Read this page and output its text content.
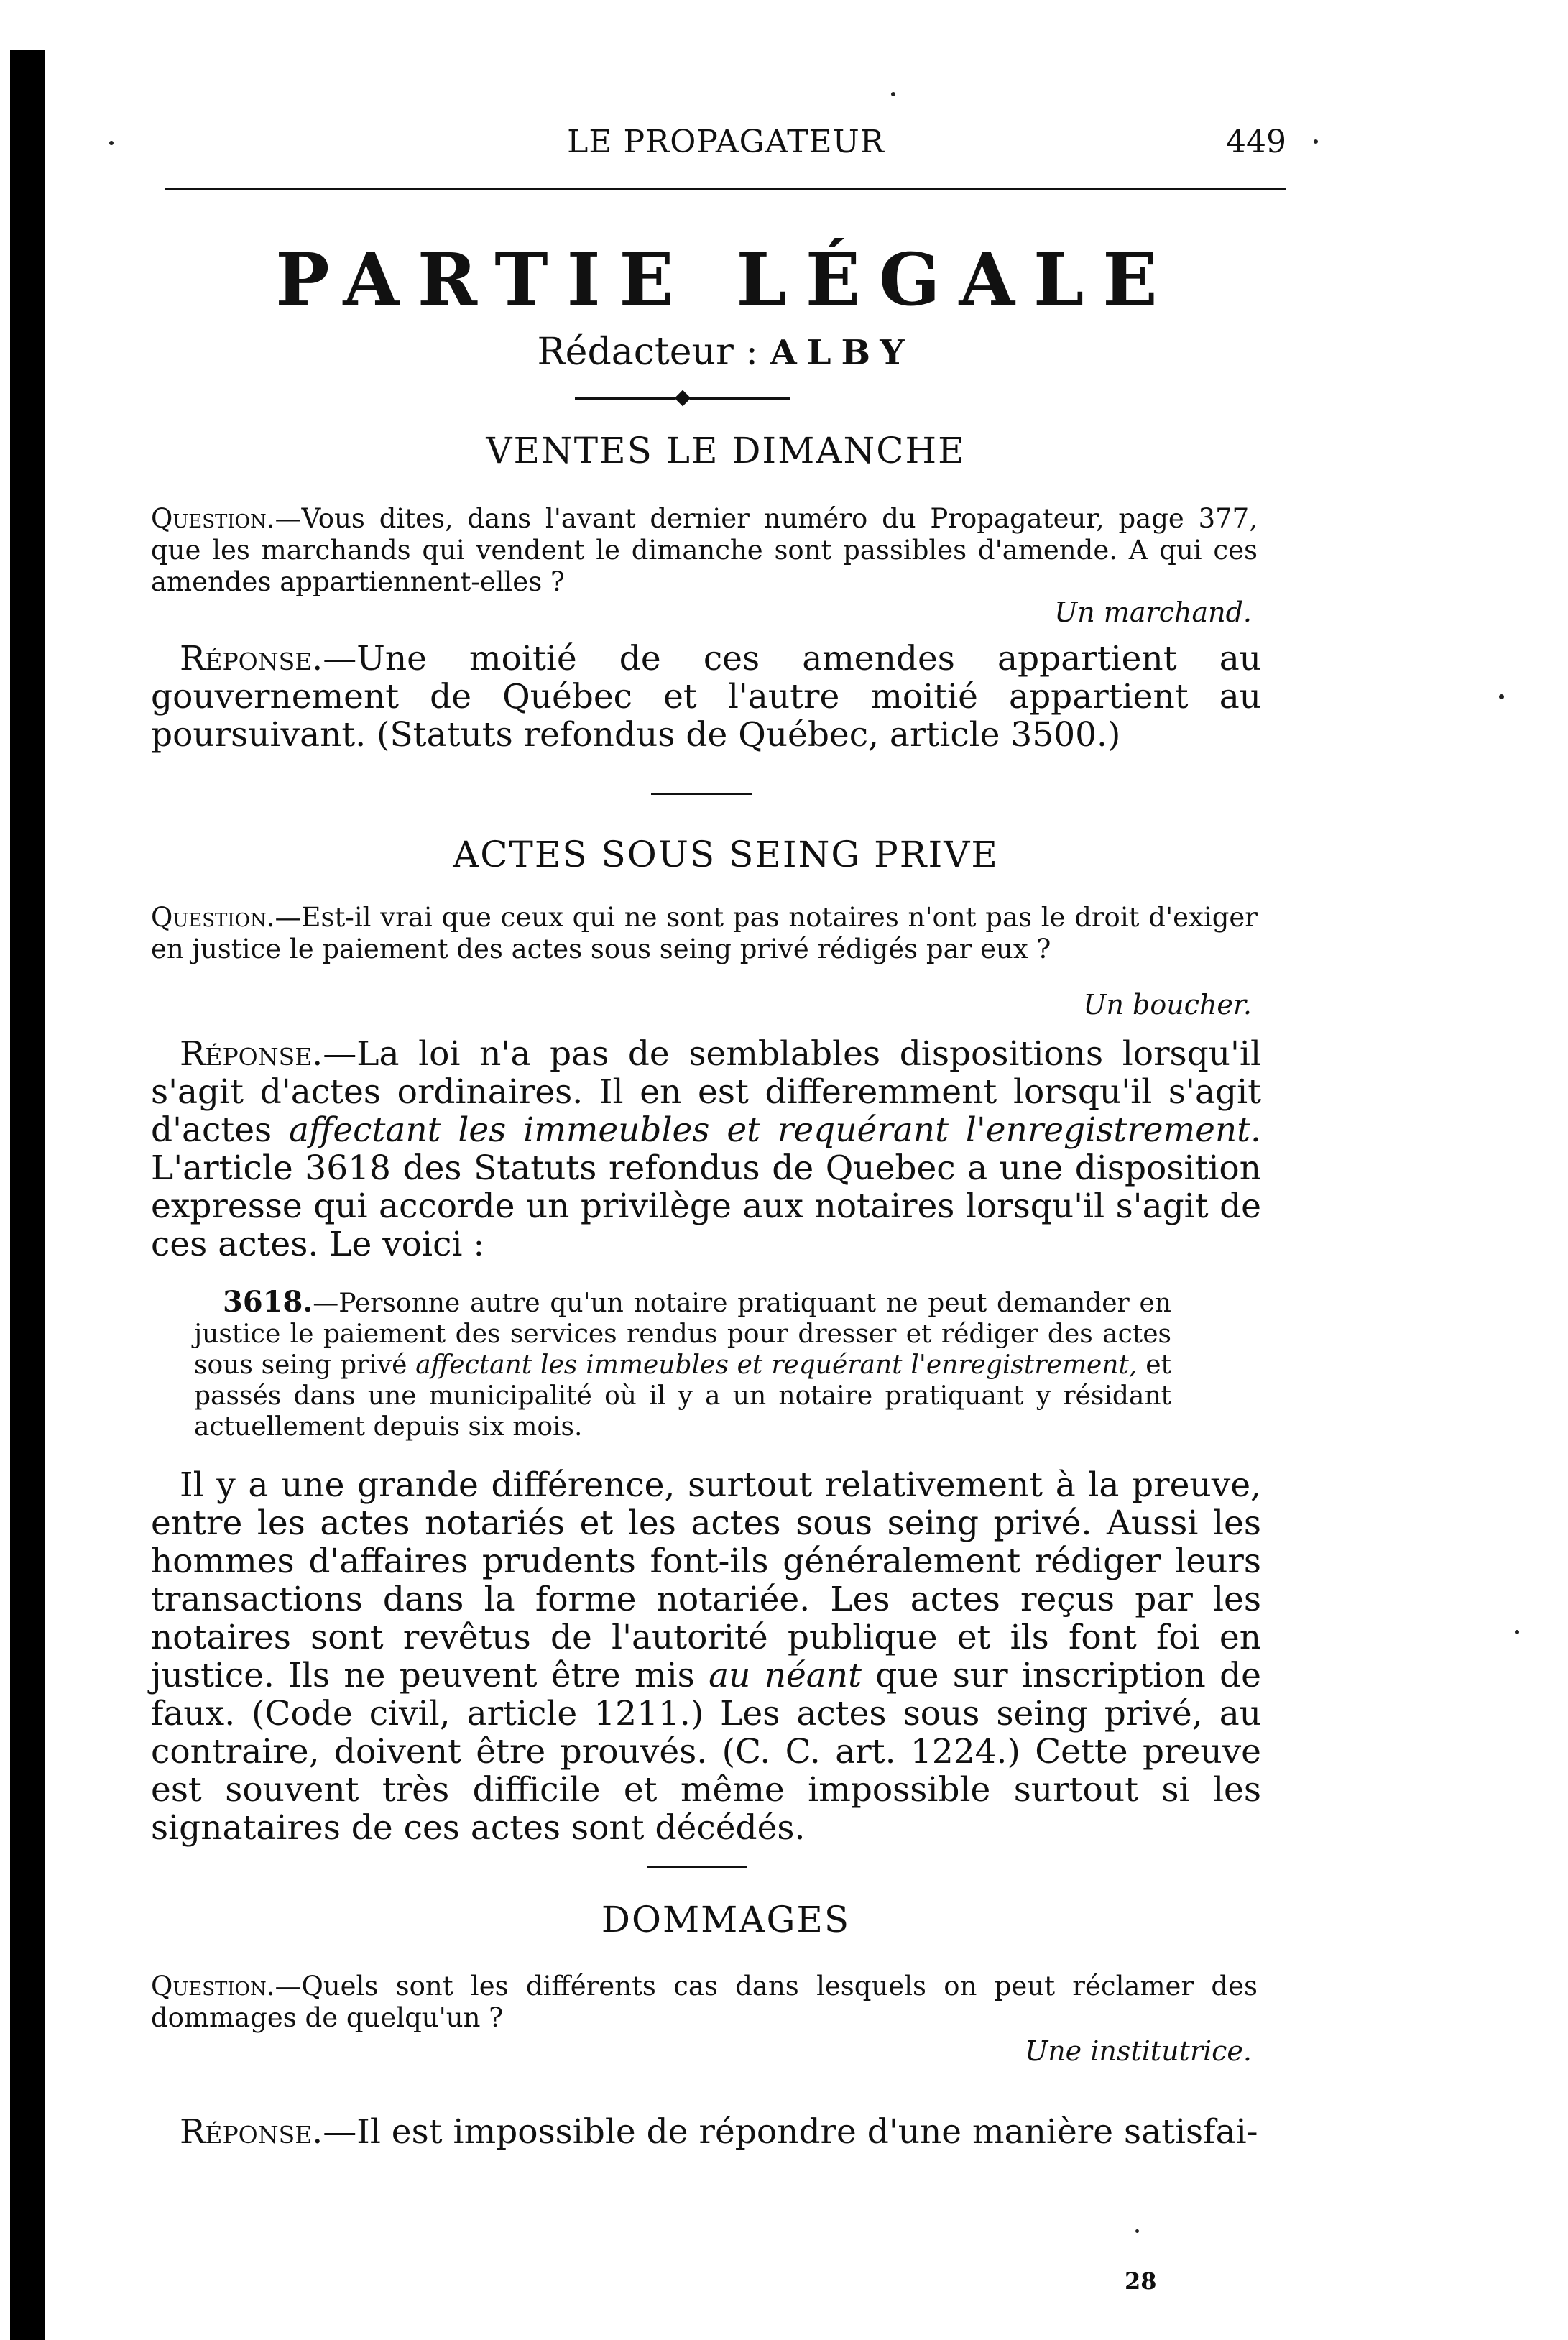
LE PROPAGATEUR	449
PARTIE LÉGALE
Rédacteur : ALBY
VENTES LE DIMANCHE
Question.—Vous dites, dans l'avant dernier numéro du Propagateur, page 377, que les marchands qui vendent le dimanche sont passibles d'amende. A qui ces amendes appartiennent-elles ?
Un marchand.
Réponse.—Une moitié de ces amendes appartient au gouvernement de Québec et l'autre moitié appartient au poursuivant. (Statuts refondus de Québec, article 3500.)
ACTES SOUS SEING PRIVE
Question.—Est-il vrai que ceux qui ne sont pas notaires n'ont pas le droit d'exiger en justice le paiement des actes sous seing privé rédigés par eux ?
Un boucher.
Réponse.—La loi n'a pas de semblables dispositions lorsqu'il s'agit d'actes ordinaires. Il en est differemment lorsqu'il s'agit d'actes affectant les immeubles et requérant l'enregistrement. L'article 3618 des Statuts refondus de Quebec a une disposition expresse qui accorde un privilège aux notaires lorsqu'il s'agit de ces actes. Le voici :
3618.—Personne autre qu'un notaire pratiquant ne peut demander en justice le paiement des services rendus pour dresser et rédiger des actes sous seing privé affectant les immeubles et requérant l'enregistrement, et passés dans une municipalité où il y a un notaire pratiquant y résidant actuellement depuis six mois.
Il y a une grande différence, surtout relativement à la preuve, entre les actes notariés et les actes sous seing privé. Aussi les hommes d'affaires prudents font-ils généralement rédiger leurs transactions dans la forme notariée. Les actes reçus par les notaires sont revêtus de l'autorité publique et ils font foi en justice. Ils ne peuvent être mis au néant que sur inscription de faux. (Code civil, article 1211.) Les actes sous seing privé, au contraire, doivent être prouvés. (C. C. art. 1224.) Cette preuve est souvent très difficile et même impossible surtout si les signataires de ces actes sont décédés.
DOMMAGES
Question.—Quels sont les différents cas dans lesquels on peut réclamer des dommages de quelqu'un ?
Une institutrice.
Réponse.—Il est impossible de répondre d'une manière satisfai-
28
